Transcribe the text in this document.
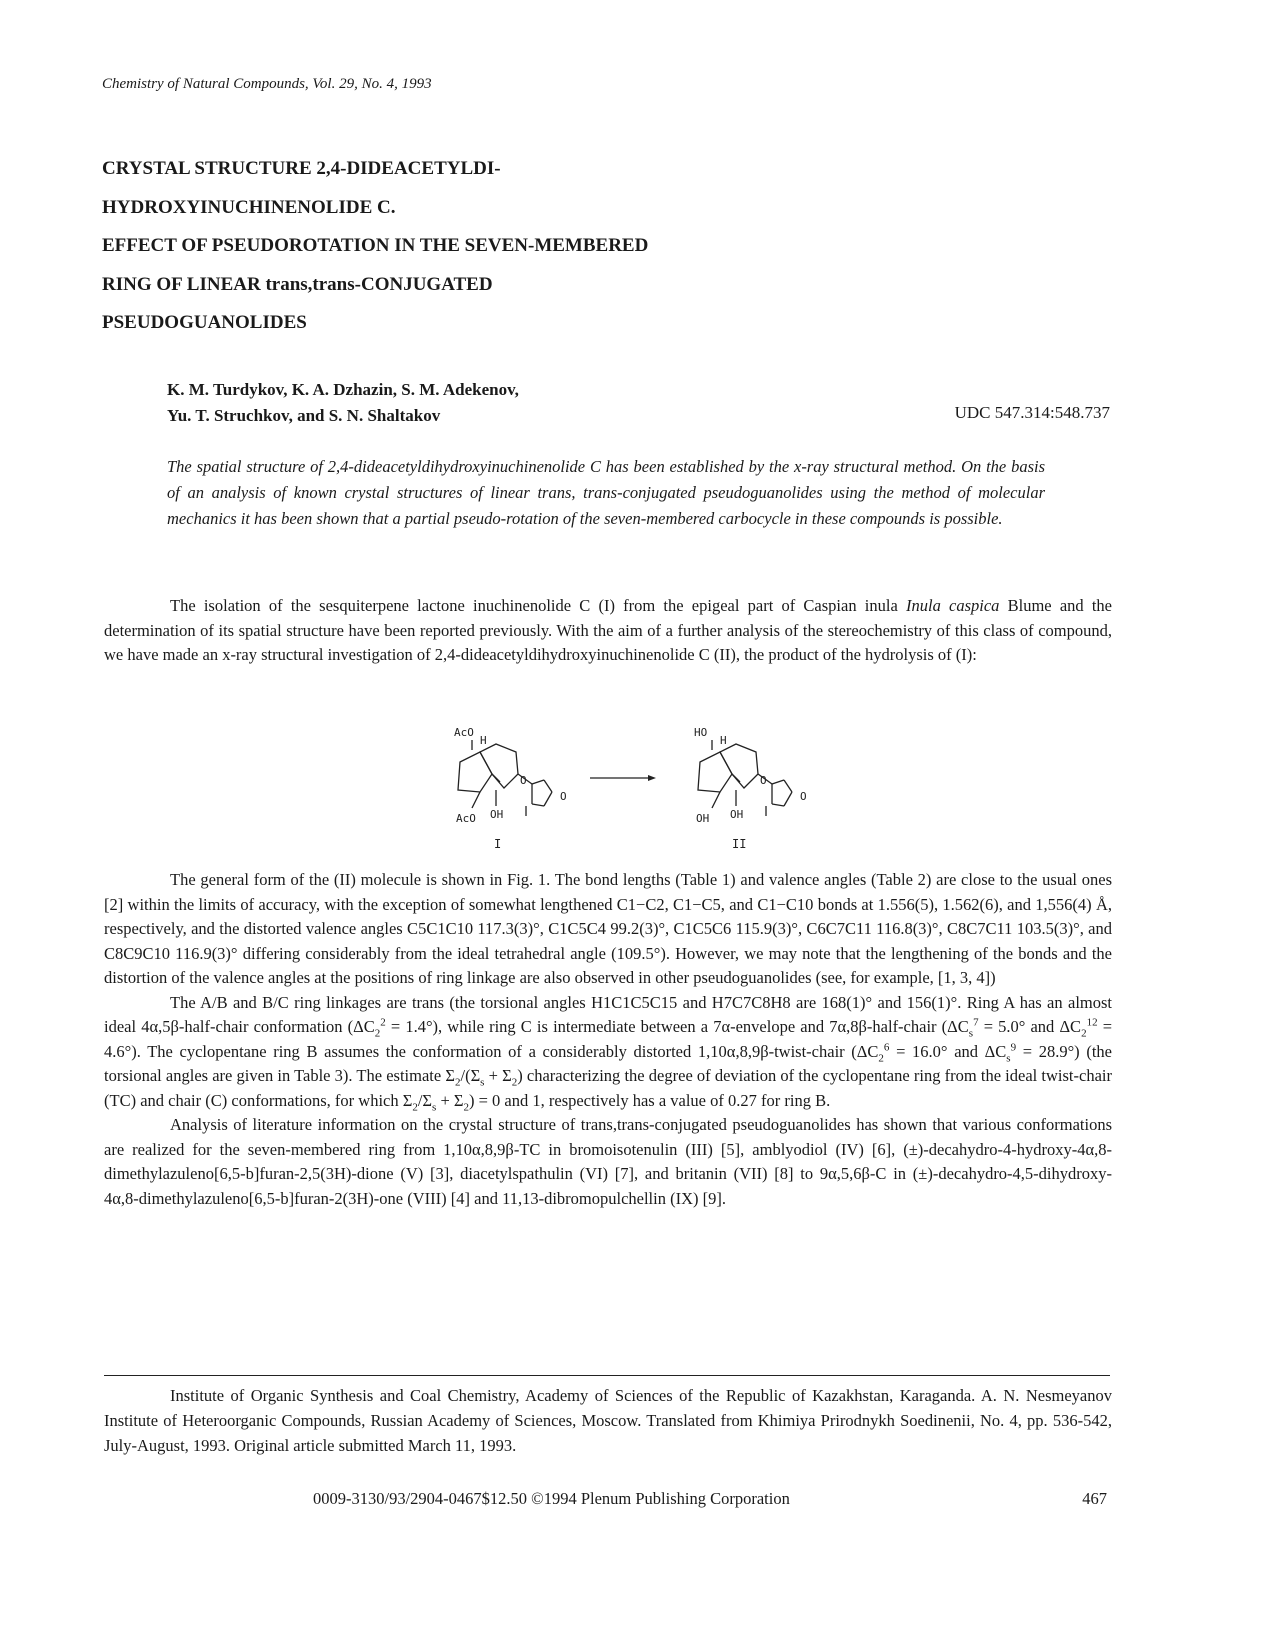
Chemistry of Natural Compounds, Vol. 29, No. 4, 1993
CRYSTAL STRUCTURE 2,4-DIDEACETYLDI-
HYDROXYINUCHINENOLIDE C.
EFFECT OF PSEUDOROTATION IN THE SEVEN-MEMBERED
RING OF LINEAR trans,trans-CONJUGATED
PSEUDOGUANOLIDES
K. M. Turdykov, K. A. Dzhazin, S. M. Adekenov,
Yu. T. Struchkov, and S. N. Shaltakov	UDC 547.314:548.737

The spatial structure of 2,4-dideacetyldihydroxyinuchinenolide C has been established by the x-ray structural method. On the basis of an analysis of known crystal structures of linear trans, trans-conjugated pseudoguanolides using the method of molecular mechanics it has been shown that a partial pseudo-rotation of the seven-membered carbocycle in these compounds is possible.

The isolation of the sesquiterpene lactone inuchinenolide C (I) from the epigeal part of Caspian inula Inula caspica Blume and the determination of its spatial structure have been reported previously. With the aim of a further analysis of the stereochemistry of this class of compound, we have made an x-ray structural investigation of 2,4-dideacetyldihydroxyinuchinenolide C (II), the product of the hydrolysis of (I):

AcO
H
O
O
AcO OH
I
HO
H
O
O
OH OH
II

The general form of the (II) molecule is shown in Fig. 1. The bond lengths (Table 1) and valence angles (Table 2) are close to the usual ones [2] within the limits of accuracy, with the exception of somewhat lengthened C1−C2, C1−C5, and C1−C10 bonds at 1.556(5), 1.562(6), and 1,556(4) Å, respectively, and the distorted valence angles C5C1C10 117.3(3)°, C1C5C4 99.2(3)°, C1C5C6 115.9(3)°, C6C7C11 116.8(3)°, C8C7C11 103.5(3)°, and C8C9C10 116.9(3)° differing considerably from the ideal tetrahedral angle (109.5°). However, we may note that the lengthening of the bonds and the distortion of the valence angles at the positions of ring linkage are also observed in other pseudoguanolides (see, for example, [1, 3, 4])

The A/B and B/C ring linkages are trans (the torsional angles H1C1C5C15 and H7C7C8H8 are 168(1)° and 156(1)°. Ring A has an almost ideal 4α,5β-half-chair conformation $(\Delta C_2^2 = 1.4^\circ)$, while ring C is intermediate between a 7α-envelope and 7α,8β-half-chair ($\Delta C_s^7 = 5.0^\circ$ and $\Delta C_2^{12} = 4.6^\circ$). The cyclopentane ring B assumes the conformation of a considerably distorted 1,10α,8,9β-twist-chair ($\Delta C_2^6 = 16.0^\circ$ and $\Delta C_s^9 = 28.9^\circ$) (the torsional angles are given in Table 3). The estimate $\Sigma_2/(\Sigma_s + \Sigma_2)$ characterizing the degree of deviation of the cyclopentane ring from the ideal twist-chair (TC) and chair (C) conformations, for which $\Sigma_2/\Sigma_s + \Sigma_2) = 0$ and 1, respectively has a value of 0.27 for ring B.

Analysis of literature information on the crystal structure of trans,trans-conjugated pseudoguanolides has shown that various conformations are realized for the seven-membered ring from 1,10α,8,9β-TC in bromoisotenulin (III) [5], amblyodiol (IV) [6], (±)-decahydro-4-hydroxy-4α,8-dimethylazuleno[6,5-b]furan-2,5(3H)-dione (V) [3], diacetylspathulin (VI) [7], and britanin (VII) [8] to 9α,5,6β-C in (±)-decahydro-4,5-dihydroxy-4α,8-dimethylazuleno[6,5-b]furan-2(3H)-one (VIII) [4] and 11,13-dibromopulchellin (IX) [9].

Institute of Organic Synthesis and Coal Chemistry, Academy of Sciences of the Republic of Kazakhstan, Karaganda. A. N. Nesmeyanov Institute of Heteroorganic Compounds, Russian Academy of Sciences, Moscow. Translated from Khimiya Prirodnykh Soedinenii, No. 4, pp. 536-542, July-August, 1993. Original article submitted March 11, 1993.

0009-3130/93/2904-0467$12.50 ©1994 Plenum Publishing Corporation	467
